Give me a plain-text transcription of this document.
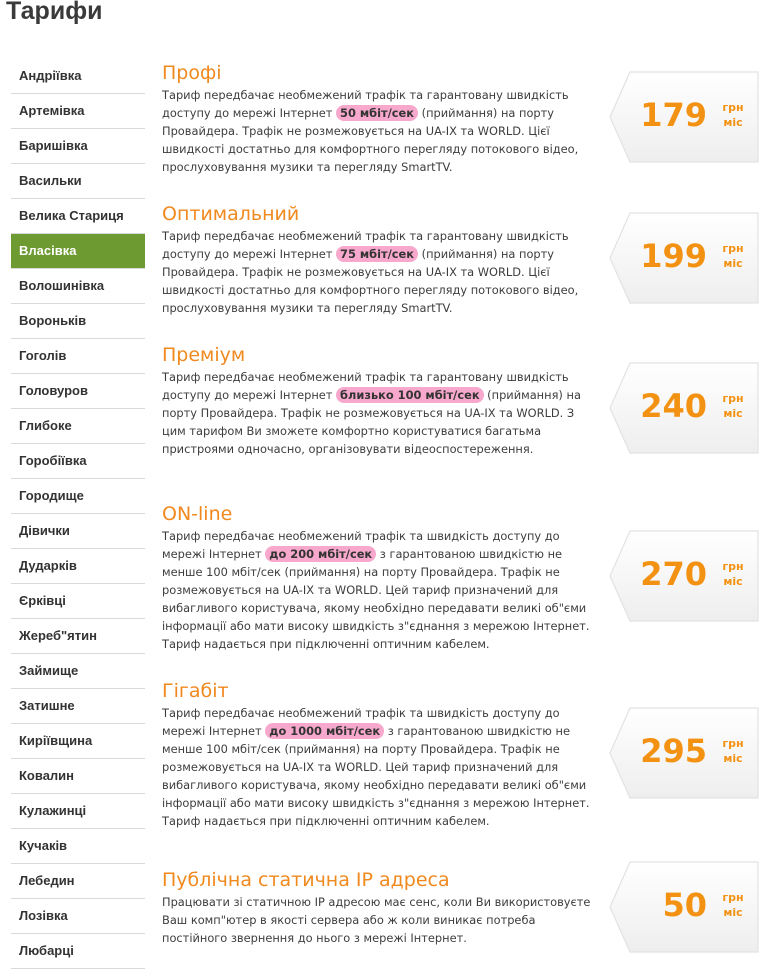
Тарифи
Андріївка
Артемівка
Баришівка
Васильки
Велика Стариця
Власівка
Волошинівка
Вороньків
Гоголів
Головуров
Глибоке
Горобіївка
Городище
Дівички
Дударків
Єрківці
Жереб"ятин
Займище
Затишне
Киріївщина
Ковалин
Кулажинці
Кучаків
Лебедин
Лозівка
Любарці
Профі
Тариф передбачає необмежений трафік та гарантовану швидкість доступу до мережі Інтернет 50 мбіт/сек (приймання) на порту Провайдера. Трафік не розмежовується на UA-IX та WORLD. Цієї швидкості достатньо для комфортного перегляду потокового відео, прослуховування музики та перегляду SmartTV.
Оптимальний
Тариф передбачає необмежений трафік та гарантовану швидкість доступу до мережі Інтернет 75 мбіт/сек (приймання) на порту Провайдера. Трафік не розмежовується на UA-IX та WORLD. Цієї швидкості достатньо для комфортного перегляду потокового відео, прослуховування музики та перегляду SmartTV.
Преміум
Тариф передбачає необмежений трафік та гарантовану швидкість доступу до мережі Інтернет близько 100 мбіт/сек (приймання) на порту Провайдера. Трафік не розмежовується на UA-IX та WORLD. З цим тарифом Ви зможете комфортно користуватися багатьма пристроями одночасно, організовувати відеоспостереження.
ON-line
Тариф передбачає необмежений трафік та швидкість доступу до мережі Інтернет до 200 мбіт/сек з гарантованою швидкістю не менше 100 мбіт/сек (приймання) на порту Провайдера. Трафік не розмежовується на UA-IX та WORLD. Цей тариф призначений для вибагливого користувача, якому необхідно передавати великі об"єми інформації або мати високу швидкість з"єднання з мережою Інтернет. Тариф надається при підключенні оптичним кабелем.
Гігабіт
Тариф передбачає необмежений трафік та швидкість доступу до мережі Інтернет до 1000 мбіт/сек з гарантованою швидкістю не менше 100 мбіт/сек (приймання) на порту Провайдера. Трафік не розмежовується на UA-IX та WORLD. Цей тариф призначений для вибагливого користувача, якому необхідно передавати великі об"єми інформації або мати високу швидкість з"єднання з мережою Інтернет. Тариф надається при підключенні оптичним кабелем.
Публічна статична IP адреса
Працювати зі статичною IP адресою має сенс, коли Ви використовуєте Ваш комп"ютер в якості сервера або ж коли виникає потреба постійного звернення до нього з мережі Інтернет.
179 грн
міс
199 грн
міс
240 грн
міс
270 грн
міс
295 грн
міс
50 грн
міс
